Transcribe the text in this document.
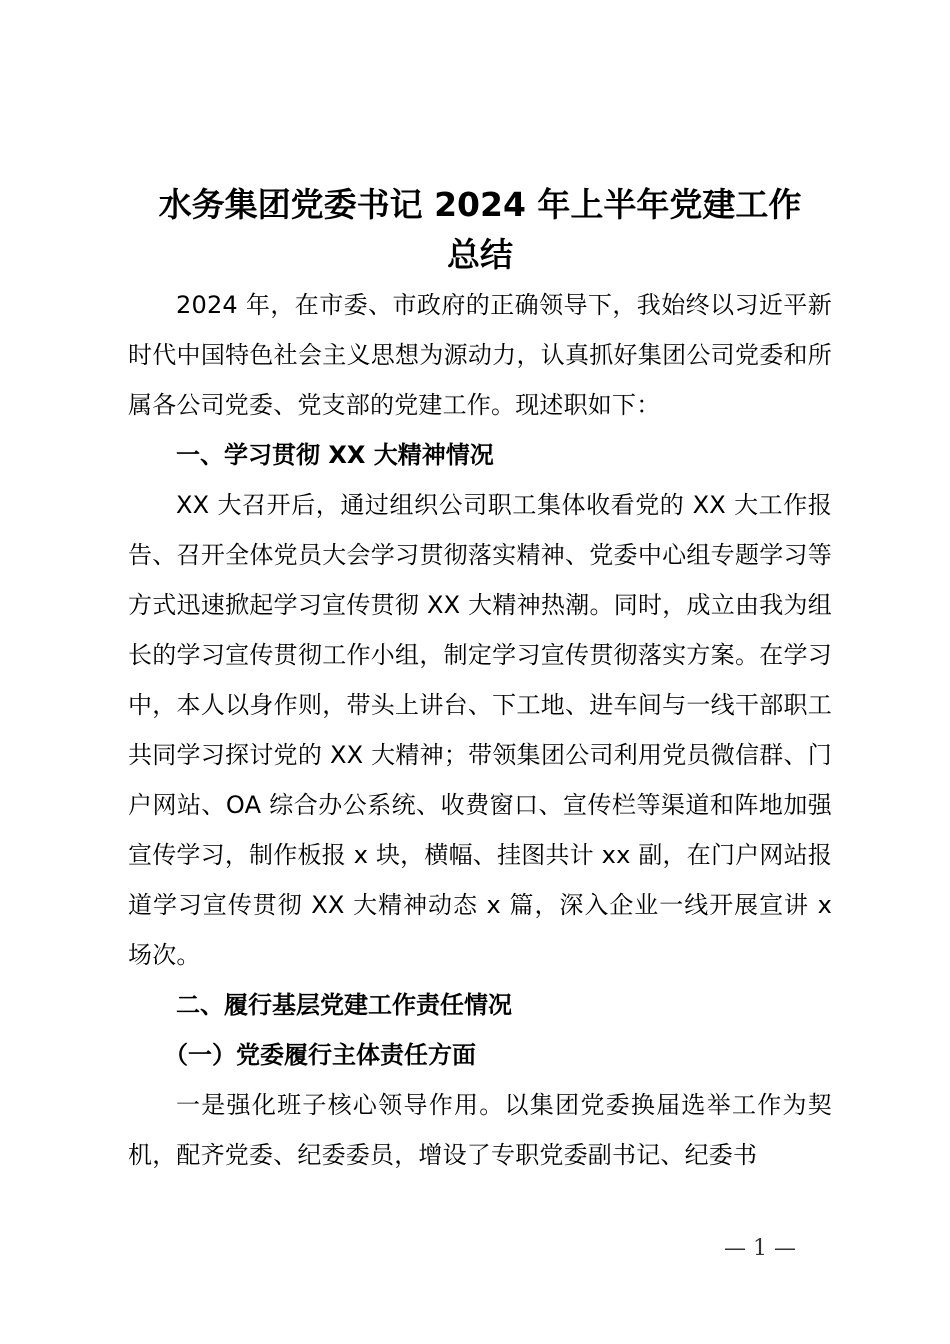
水务集团党委书记 2024 年上半年党建工作
总结

2024 年，在市委、市政府的正确领导下，我始终以习近平新时代中国特色社会主义思想为源动力，认真抓好集团公司党委和所属各公司党委、党支部的党建工作。现述职如下：

一、学习贯彻 XX 大精神情况

XX 大召开后，通过组织公司职工集体收看党的 XX 大工作报告、召开全体党员大会学习贯彻落实精神、党委中心组专题学习等方式迅速掀起学习宣传贯彻 XX 大精神热潮。同时，成立由我为组长的学习宣传贯彻工作小组，制定学习宣传贯彻落实方案。在学习中，本人以身作则，带头上讲台、下工地、进车间与一线干部职工共同学习探讨党的 XX 大精神；带领集团公司利用党员微信群、门户网站、OA 综合办公系统、收费窗口、宣传栏等渠道和阵地加强宣传学习，制作板报 x 块，横幅、挂图共计 xx 副，在门户网站报道学习宣传贯彻 XX 大精神动态 x 篇，深入企业一线开展宣讲 x 场次。

二、履行基层党建工作责任情况

（一）党委履行主体责任方面

一是强化班子核心领导作用。以集团党委换届选举工作为契机，配齐党委、纪委委员，增设了专职党委副书记、纪委书

— 1 —
